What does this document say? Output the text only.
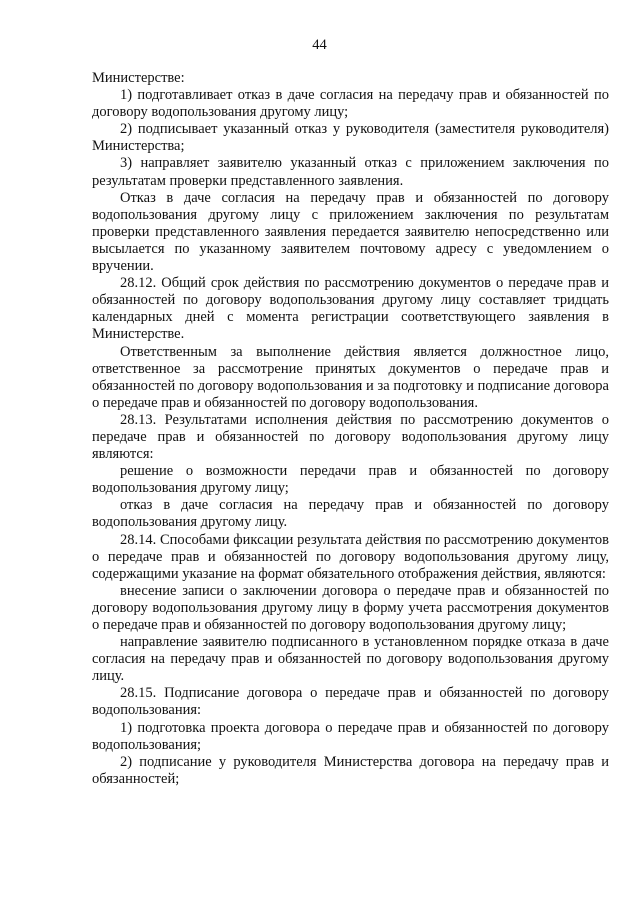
44

Министерстве:

1) подготавливает отказ в даче согласия на передачу прав и обязанностей по договору водопользования другому лицу;

2) подписывает указанный отказ у руководителя (заместителя руководителя) Министерства;

3) направляет заявителю указанный отказ с приложением заключения по результатам проверки представленного заявления.

Отказ в даче согласия на передачу прав и обязанностей по договору водопользования другому лицу с приложением заключения по результатам проверки представленного заявления передается заявителю непосредственно или высылается по указанному заявителем почтовому адресу с уведомлением о вручении.

28.12. Общий срок действия по рассмотрению документов о передаче прав и обязанностей по договору водопользования другому лицу составляет тридцать календарных дней с момента регистрации соответствующего заявления в Министерстве.

Ответственным за выполнение действия является должностное лицо, ответственное за рассмотрение принятых документов о передаче прав и обязанностей по договору водопользования и за подготовку и подписание договора о передаче прав и обязанностей по договору водопользования.

28.13. Результатами исполнения действия по рассмотрению документов о передаче прав и обязанностей по договору водопользования другому лицу являются:

решение о возможности передачи прав и обязанностей по договору водопользования другому лицу;

отказ в даче согласия на передачу прав и обязанностей по договору водопользования другому лицу.

28.14. Способами фиксации результата действия по рассмотрению документов о передаче прав и обязанностей по договору водопользования другому лицу, содержащими указание на формат обязательного отображения действия, являются:

внесение записи о заключении договора о передаче прав и обязанностей по договору водопользования другому лицу в форму учета рассмотрения документов о передаче прав и обязанностей по договору водопользования другому лицу;

направление заявителю подписанного в установленном порядке отказа в даче согласия на передачу прав и обязанностей по договору водопользования другому лицу.

28.15. Подписание договора о передаче прав и обязанностей по договору водопользования:

1) подготовка проекта договора о передаче прав и обязанностей по договору водопользования;

2) подписание у руководителя Министерства договора на передачу прав и обязанностей;
